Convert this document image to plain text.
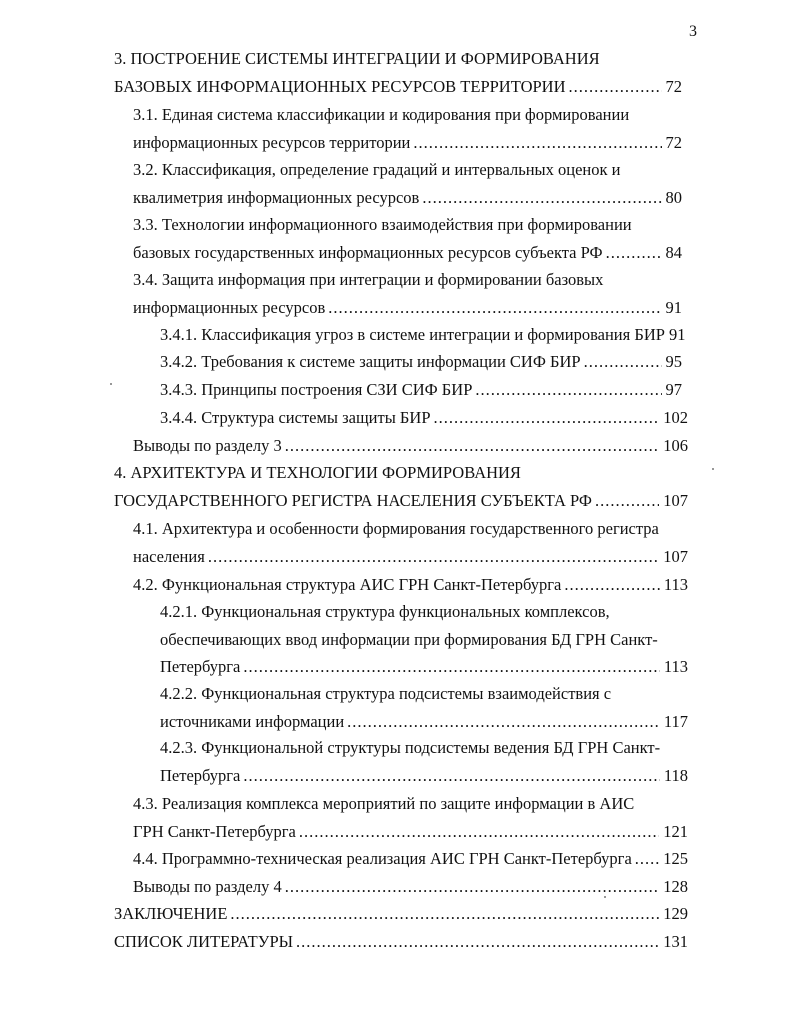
3
3. ПОСТРОЕНИЕ СИСТЕМЫ ИНТЕГРАЦИИ И ФОРМИРОВАНИЯ
БАЗОВЫХ ИНФОРМАЦИОННЫХ РЕСУРСОВ ТЕРРИТОРИИ .....	72
3.1. Единая система классификации и кодирования при формировании
информационных ресурсов территории .....	72
3.2. Классификация, определение градаций и интервальных оценок и
квалиметрия информационных ресурсов .....	80
3.3. Технологии информационного взаимодействия при формировании
базовых государственных информационных ресурсов субъекта РФ .....	84
3.4. Защита информация при интеграции и формировании базовых
информационных ресурсов .....	91
3.4.1. Классификация угроз в системе интеграции и формирования БИР 91
3.4.2. Требования к системе защиты информации СИФ БИР .....	95
3.4.3. Принципы построения СЗИ СИФ БИР .....	97
3.4.4. Структура системы защиты БИР .....	102
Выводы по разделу 3 .....	106
4. АРХИТЕКТУРА И ТЕХНОЛОГИИ ФОРМИРОВАНИЯ
ГОСУДАРСТВЕННОГО РЕГИСТРА НАСЕЛЕНИЯ СУБЪЕКТА РФ .....	107
4.1. Архитектура и особенности формирования государственного регистра
населения .....	107
4.2. Функциональная структура АИС ГРН Санкт-Петербурга .....	113
4.2.1. Функциональная структура функциональных комплексов,
обеспечивающих ввод информации при формирования БД ГРН Санкт-
Петербурга .....	113
4.2.2. Функциональная структура подсистемы взаимодействия с
источниками информации .....	117
4.2.3. Функциональной структуры подсистемы ведения БД ГРН Санкт-
Петербурга .....	118
4.3. Реализация комплекса мероприятий по защите информации в АИС
ГРН Санкт-Петербурга .....	121
4.4. Программно-техническая реализация АИС ГРН Санкт-Петербурга ..... 125
Выводы по разделу 4 .....	128
ЗАКЛЮЧЕНИЕ .....	129
СПИСОК ЛИТЕРАТУРЫ .....	131
